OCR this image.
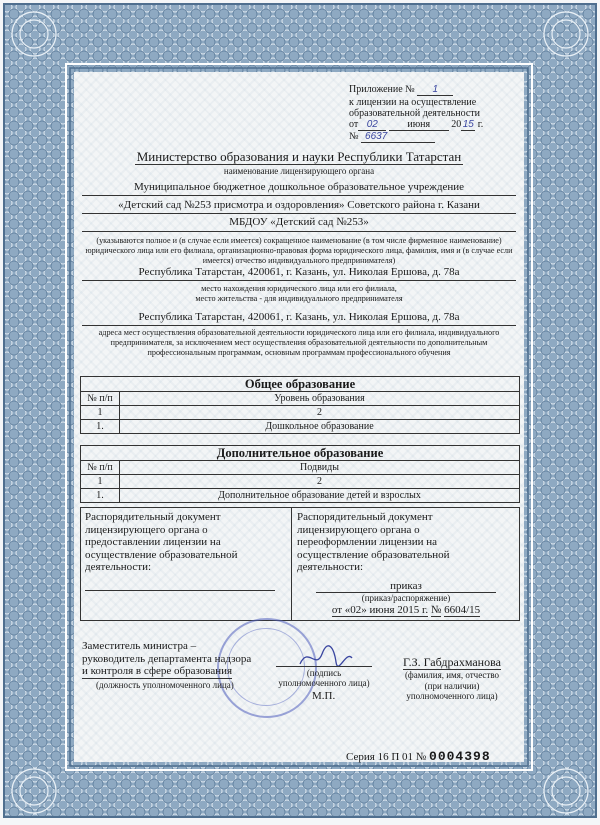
Приложение № 1
к лицензии на осуществление
образовательной деятельности
от 02	июня 2015 г.
№ 6637
Министерство образования и науки Республики Татарстан
наименование лицензирующего органа
Муниципальное бюджетное дошкольное образовательное учреждение
«Детский сад №253 присмотра и оздоровления» Советского района г. Казани
МБДОУ «Детский сад №253»
(указываются полное и (в случае если имеется) сокращенное наименование (в том числе фирменное наименование) юридического лица или его филиала, организационно-правовая форма юридического лица, фамилия, имя и (в случае если имеется) отчество индивидуального предпринимателя)
Республика Татарстан, 420061, г. Казань, ул. Николая Ершова, д. 78а
место нахождения юридического лица или его филиала,
место жительства - для индивидуального предпринимателя
Республика Татарстан, 420061, г. Казань, ул. Николая Ершова, д. 78а
адреса мест осуществления образовательной деятельности юридического лица или его филиала, индивидуального предпринимателя, за исключением мест осуществления образовательной деятельности по дополнительным профессиональным программам, основным программам профессионального обучения
Общее образование
№ п/п	Уровень образования
1	2
1.	Дошкольное образование
Дополнительное образование
№ п/п	Подвиды
1	2
1.	Дополнительное образование детей и взрослых
Распорядительный документ
лицензирующего органа о
предоставлении лицензии на
осуществление образовательной
деятельности:
Распорядительный документ
лицензирующего органа о
переоформлении лицензии на
осуществление образовательной
деятельности:
приказ
(приказ/распоряжение)
от «02» июня 2015 г. № 6604/15
Заместитель министра –
руководитель департамента надзора
и контроля в сфере образования
(должность уполномоченного лица)
(подпись
уполномоченного лица)
М.П.
Г.З. Габдрахманова
(фамилия, имя, отчество
(при наличии)
уполномоченного лица)
Серия 16 П 01 № 0004398
